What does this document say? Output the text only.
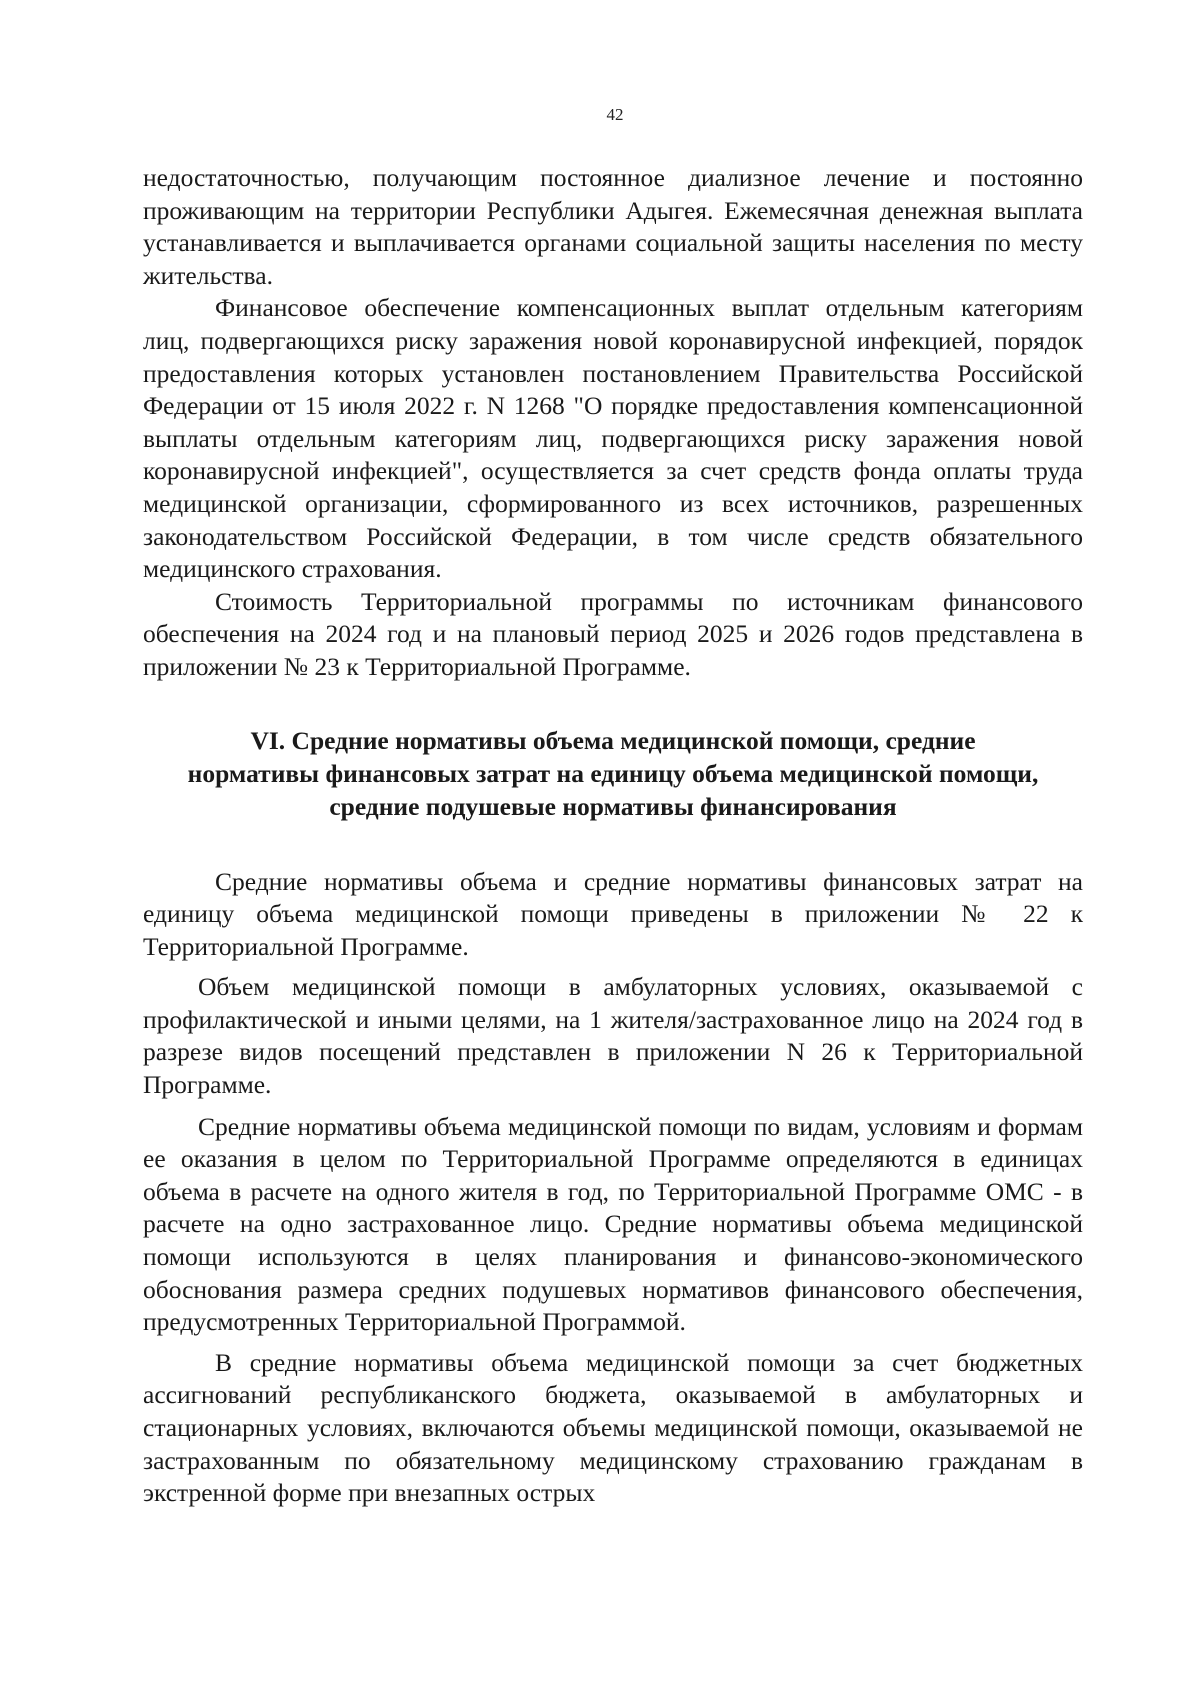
42

недостаточностью, получающим постоянное диализное лечение и постоянно проживающим на территории Республики Адыгея. Ежемесячная денежная выплата устанавливается и выплачивается органами социальной защиты населения по месту жительства.

Финансовое обеспечение компенсационных выплат отдельным категориям лиц, подвергающихся риску заражения новой коронавирусной инфекцией, порядок предоставления которых установлен постановлением Правительства Российской Федерации от 15 июля 2022 г. N 1268 "О порядке предоставления компенсационной выплаты отдельным категориям лиц, подвергающихся риску заражения новой коронавирусной инфекцией", осуществляется за счет средств фонда оплаты труда медицинской организации, сформированного из всех источников, разрешенных законодательством Российской Федерации, в том числе средств обязательного медицинского страхования.

Стоимость Территориальной программы по источникам финансового обеспечения на 2024 год и на плановый период 2025 и 2026 годов представлена в приложении № 23 к Территориальной Программе.

VI. Средние нормативы объема медицинской помощи, средние нормативы финансовых затрат на единицу объема медицинской помощи, средние подушевые нормативы финансирования

Средние нормативы объема и средние нормативы финансовых затрат на единицу объема медицинской помощи приведены в приложении № 22 к Территориальной Программе.

Объем медицинской помощи в амбулаторных условиях, оказываемой с профилактической и иными целями, на 1 жителя/застрахованное лицо на 2024 год в разрезе видов посещений представлен в приложении N 26 к Территориальной Программе.

Средние нормативы объема медицинской помощи по видам, условиям и формам ее оказания в целом по Территориальной Программе определяются в единицах объема в расчете на одного жителя в год, по Территориальной Программе ОМС - в расчете на одно застрахованное лицо. Средние нормативы объема медицинской помощи используются в целях планирования и финансово-экономического обоснования размера средних подушевых нормативов финансового обеспечения, предусмотренных Территориальной Программой.

В средние нормативы объема медицинской помощи за счет бюджетных ассигнований республиканского бюджета, оказываемой в амбулаторных и стационарных условиях, включаются объемы медицинской помощи, оказываемой не застрахованным по обязательному медицинскому страхованию гражданам в экстренной форме при внезапных острых
